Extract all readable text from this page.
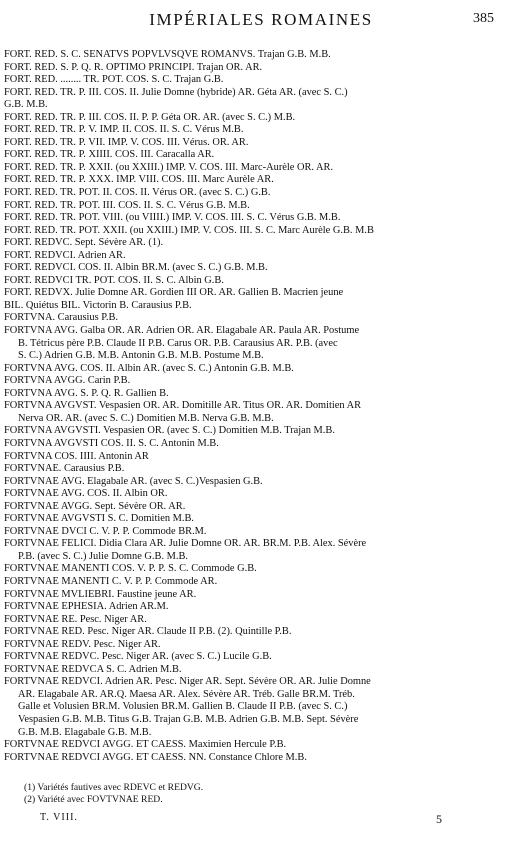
IMPÉRIALES ROMAINES	385
FORT. RED. S. C. SENATVS POPVLVSQVE ROMANVS. Trajan G.B. M.B.
FORT. RED. S. P. Q. R. OPTIMO PRINCIPI. Trajan OR. AR.
FORT. RED. ........ TR. POT. COS. S. C. Trajan G.B.
FORT. RED. TR. P. III. COS. II. Julie Domne (hybride) AR. Géta AR. (avec S. C.)
G.B. M.B.
FORT. RED. TR. P. III. COS. II. P. P. Géta OR. AR. (avec S. C.) M.B.
FORT. RED. TR. P. V. IMP. II. COS. II. S. C. Vérus M.B.
FORT. RED. TR. P. VII. IMP. V. COS. III. Vérus. OR. AR.
FORT. RED. TR. P. XIIII. COS. III. Caracalla AR.
FORT. RED. TR. P. XXII. (ou XXIII.) IMP. V. COS. III. Marc-Aurèle OR. AR.
FORT. RED. TR. P. XXX. IMP. VIII. COS. III. Marc Aurèle AR.
FORT. RED. TR. POT. II. COS. II. Vérus OR. (avec S. C.) G.B.
FORT. RED. TR. POT. III. COS. II. S. C. Vérus G.B. M.B.
FORT. RED. TR. POT. VIII. (ou VIIII.) IMP. V. COS. III. S. C. Vérus G.B. M.B.
FORT. RED. TR. POT. XXII. (ou XXIII.) IMP. V. COS. III. S. C. Marc Aurèle G.B. M.B
FORT. REDVC. Sept. Sévère AR. (1).
FORT. REDVCI. Adrien AR.
FORT. REDVCI. COS. II. Albin BR.M. (avec S. C.) G.B. M.B.
FORT. REDVCI TR. POT. COS. II. S. C. Albin G.B.
FORT. REDVX. Julie Domne AR. Gordien III OR. AR. Gallien B. Macrien jeune
BIL. Quiétus BIL. Victorin B. Carausius P.B.
FORTVNA. Carausius P.B.
FORTVNA AVG. Galba OR. AR. Adrien OR. AR. Elagabale AR. Paula AR. Postume
B. Tétricus père P.B. Claude II P.B. Carus OR. P.B. Carausius AR. P.B. (avec
S. C.) Adrien G.B. M.B. Antonin G.B. M.B. Postume M.B.
FORTVNA AVG. COS. II. Albin AR. (avec S. C.) Antonin G.B. M.B.
FORTVNA AVGG. Carin P.B.
FORTVNA AVG. S. P. Q. R. Gallien B.
FORTVNA AVGVST. Vespasien OR. AR. Domitille AR. Titus OR. AR. Domitien AR
Nerva OR. AR. (avec S. C.) Domitien M.B. Nerva G.B. M.B.
FORTVNA AVGVSTI. Vespasien OR. (avec S. C.) Domitien M.B. Trajan M.B.
FORTVNA AVGVSTI COS. II. S. C. Antonin M.B.
FORTVNA COS. IIII. Antonin AR
FORTVNAE. Carausius P.B.
FORTVNAE AVG. Elagabale AR. (avec S. C.)Vespasien G.B.
FORTVNAE AVG. COS. II. Albin OR.
FORTVNAE AVGG. Sept. Sévère OR. AR.
FORTVNAE AVGVSTI S. C. Domitien M.B.
FORTVNAE DVCI C. V. P. P. Commode BR.M.
FORTVNAE FELICI. Didia Clara AR. Julie Domne OR. AR. BR.M. P.B. Alex. Sévère
P.B. (avec S. C.) Julie Domne G.B. M.B.
FORTVNAE MANENTI COS. V. P. P. S. C. Commode G.B.
FORTVNAE MANENTI C. V. P. P. Commode AR.
FORTVNAE MVLIEBRI. Faustine jeune AR.
FORTVNAE EPHESIA. Adrien AR.M.
FORTVNAE RE. Pesc. Niger AR.
FORTVNAE RED. Pesc. Niger AR. Claude II P.B. (2). Quintille P.B.
FORTVNAE REDV. Pesc. Niger AR.
FORTVNAE REDVC. Pesc. Niger AR. (avec S. C.) Lucile G.B.
FORTVNAE REDVCA S. C. Adrien M.B.
FORTVNAE REDVCI. Adrien AR. Pesc. Niger AR. Sept. Sévère OR. AR. Julie Domne
AR. Elagabale AR. AR.Q. Maesa AR. Alex. Sévère AR. Tréb. Galle BR.M. Tréb.
Galle et Volusien BR.M. Volusien BR.M. Gallien B. Claude II P.B. (avec S. C.)
Vespasien G.B. M.B. Titus G.B. Trajan G.B. M.B. Adrien G.B. M.B. Sept. Sévère
G.B. M.B. Elagabale G.B. M.B.
FORTVNAE REDVCI AVGG. ET CAESS. Maximien Hercule P.B.
FORTVNAE REDVCI AVGG. ET CAESS. NN. Constance Chlore M.B.
(1) Variétés fautives avec RDEVC et REDVG.
(2) Variété avec FOVTVNAE RED.
T. VIII.	5
